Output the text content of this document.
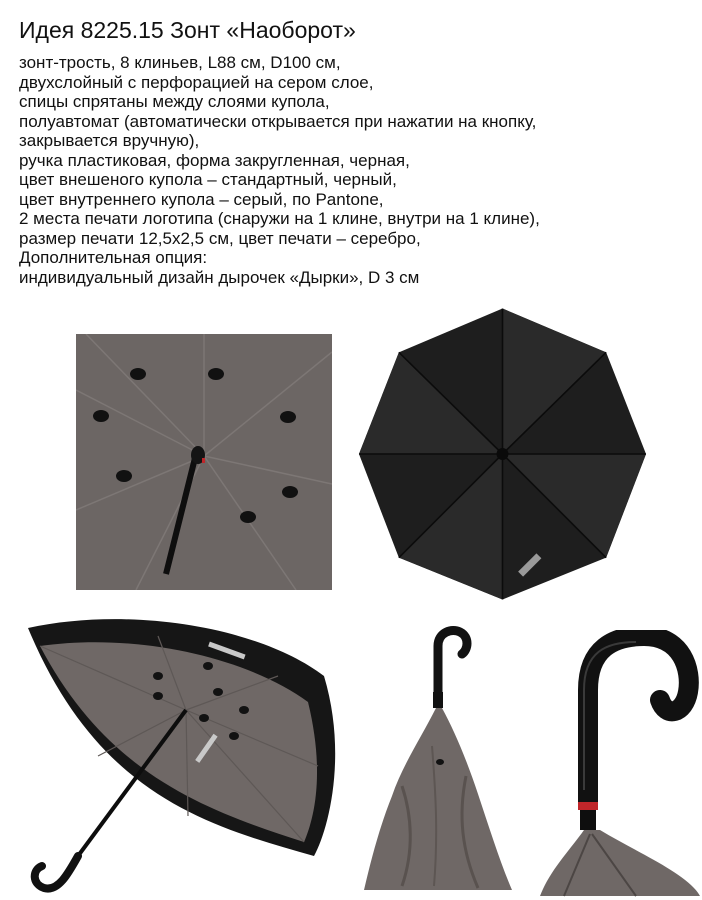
Идея 8225.15 Зонт «Наоборот»
зонт-трость, 8 клиньев, L88 см, D100 см,
двухслойный с перфорацией на сером слое,
спицы спрятаны между слоями купола,
полуавтомат (автоматически открывается при нажатии на кнопку,
закрывается вручную),
ручка пластиковая, форма закругленная, черная,
цвет внешеного купола – стандартный, черный,
цвет внутреннего купола – серый, по Pantone,
2 места печати логотипа (снаружи на 1 клине, внутри на 1 клине),
размер печати 12,5х2,5 см, цвет печати – серебро,
Дополнительная опция:
индивидуальный дизайн дырочек «Дырки», D 3 см
